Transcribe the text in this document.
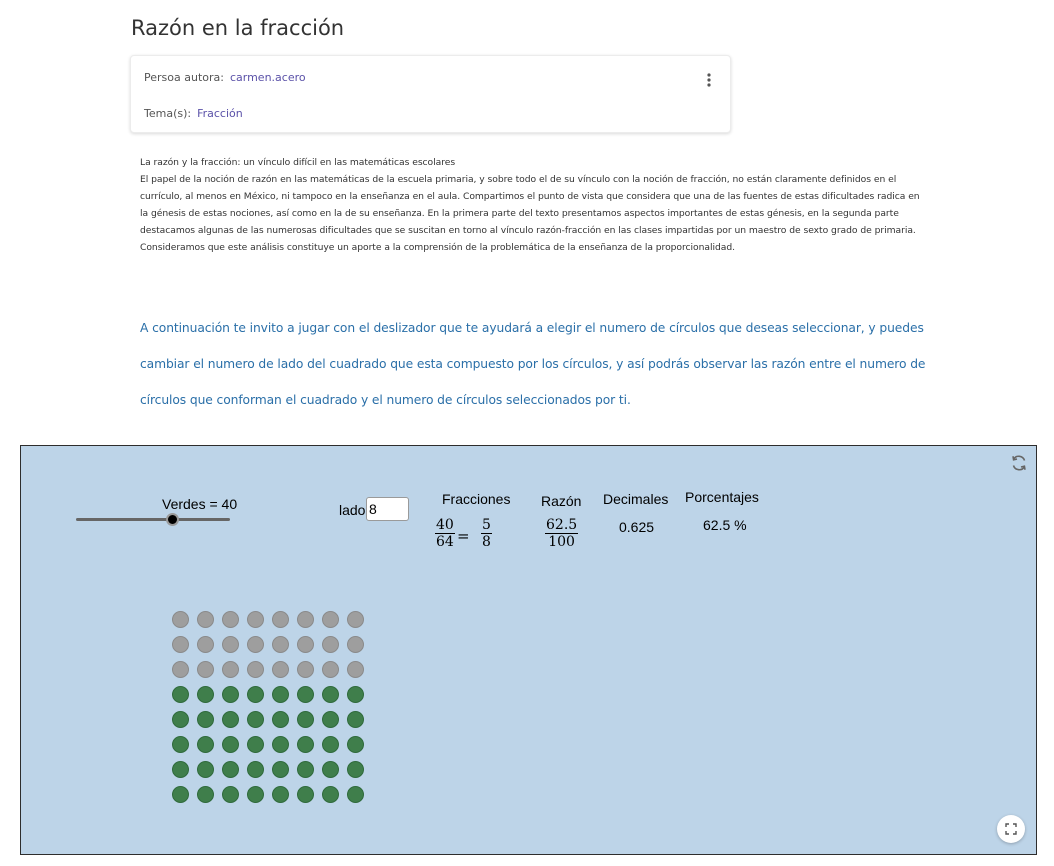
Razón en la fracción
Persoa autora: carmen.acero
Tema(s): Fracción

La razón y la fracción: un vínculo difícil en las matemáticas escolares

El papel de la noción de razón en las matemáticas de la escuela primaria, y sobre todo el de su vínculo con la noción de fracción, no están claramente definidos en el currículo, al menos en México, ni tampoco en la enseñanza en el aula. Compartimos el punto de vista que considera que una de las fuentes de estas dificultades radica en la génesis de estas nociones, así como en la de su enseñanza. En la primera parte del texto presentamos aspectos importantes de estas génesis, en la segunda parte destacamos algunas de las numerosas dificultades que se suscitan en torno al vínculo razón-fracción en las clases impartidas por un maestro de sexto grado de primaria. Consideramos que este análisis constituye un aporte a la comprensión de la problemática de la enseñanza de la proporcionalidad.

A continuación te invito a jugar con el deslizador que te ayudará a elegir el numero de círculos que deseas seleccionar, y puedes cambiar el numero de lado del cuadrado que esta compuesto por los círculos, y así podrás observar las razón entre el numero de círculos que conforman el cuadrado y el numero de círculos seleccionados por ti.
Verdes = 40	lado
8
Fracciones Razón Decimales Porcentajes
$\frac{40}{64} = \frac{5}{8}$	$\frac{62.5}{100}$	0.625	62.5 %
